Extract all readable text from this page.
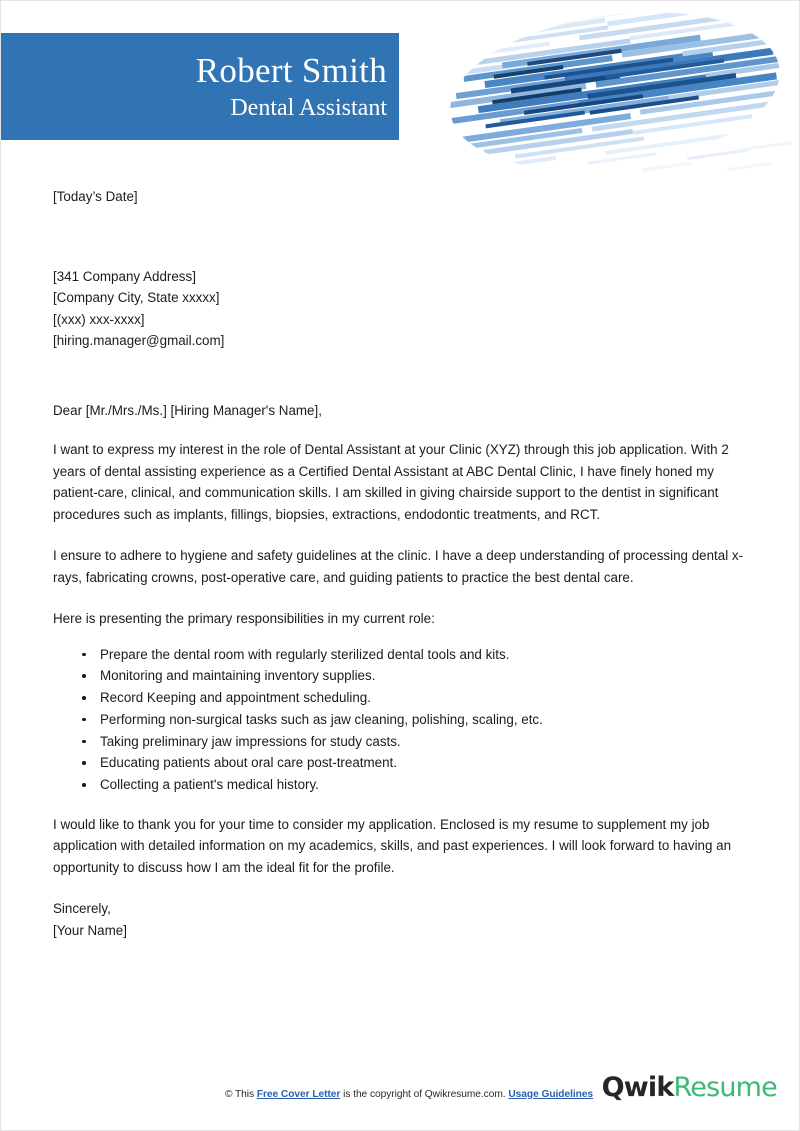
Robert Smith
Dental Assistant

[Today’s Date]

[341 Company Address]
[Company City, State xxxxx]
[(xxx) xxx-xxxx]
[hiring.manager@gmail.com]

Dear [Mr./Mrs./Ms.] [Hiring Manager's Name],

I want to express my interest in the role of Dental Assistant at your Clinic (XYZ) through this job application. With 2 years of dental assisting experience as a Certified Dental Assistant at ABC Dental Clinic, I have finely honed my patient-care, clinical, and communication skills. I am skilled in giving chairside support to the dentist in significant procedures such as implants, fillings, biopsies, extractions, endodontic treatments, and RCT.

I ensure to adhere to hygiene and safety guidelines at the clinic. I have a deep understanding of processing dental x-rays, fabricating crowns, post-operative care, and guiding patients to practice the best dental care.

Here is presenting the primary responsibilities in my current role:

Prepare the dental room with regularly sterilized dental tools and kits.
Monitoring and maintaining inventory supplies.
Record Keeping and appointment scheduling.
Performing non-surgical tasks such as jaw cleaning, polishing, scaling, etc.
Taking preliminary jaw impressions for study casts.
Educating patients about oral care post-treatment.
Collecting a patient's medical history.

I would like to thank you for your time to consider my application. Enclosed is my resume to supplement my job application with detailed information on my academics, skills, and past experiences. I will look forward to having an opportunity to discuss how I am the ideal fit for the profile.

Sincerely,
[Your Name]
© This Free Cover Letter is the copyright of Qwikresume.com. Usage Guidelines QwikResume
